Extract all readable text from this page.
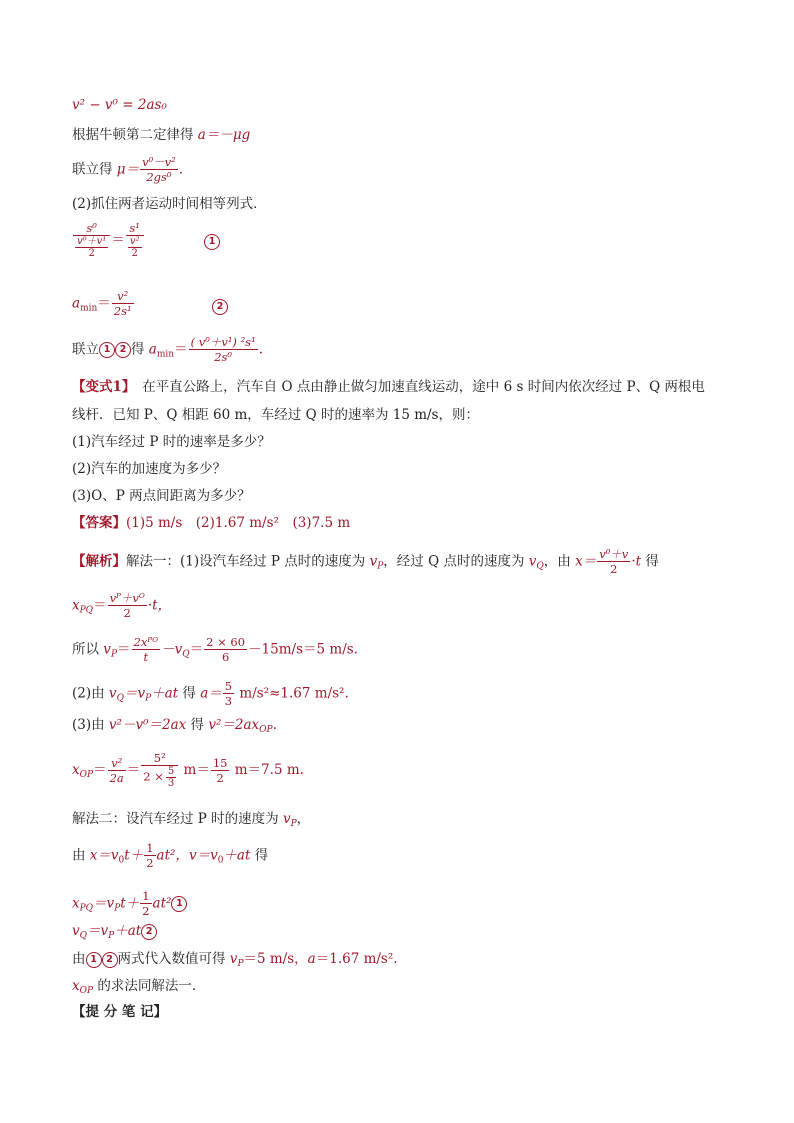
v² − v⁰ = 2as₀
根据牛顿第二定律得 a＝－μg
联立得 $\mu= \frac{\text{v⁰－v²}}{\text{2gs⁰}}$ .
(2)抓住两者运动时间相等列式．
$\frac{\text{s⁰}}{\frac{\text{v⁰＋v¹}}{2}} = \frac{\text{s¹}}{\frac{\text{v²}}{2}}$	1
$a_{min}= \frac{\text{v²}}{\text{2s¹}}$	2
联立 1 2 得 $a_{min}= \frac{\text{( v⁰＋v¹) ²s¹}}{\text{2s⁰}}$ .
【变式1】　在平直公路上，汽车自 O 点由静止做匀加速直线运动，途中 6 s 时间内依次经过 P、Q 两根电
线杆．已知 P、Q 相距 60 m，车经过 Q 时的速率为 15 m/s，则：
(1)汽车经过 P 时的速率是多少？
(2)汽车的加速度为多少？
(3)O、P 两点间距离为多少？
【答案】(1)5 m/s　(2)1.67 m/s²　(3)7.5 m
【解析】解法一：(1)设汽车经过 P 点时的速度为 $v_P$，经过 Q 点时的速度为 $v_Q$，由 $x= \frac{\text{v⁰＋v}}{2} \cdot t$ 得
$x_{PQ}= \frac{\text{vᴾ＋vᴼ}}{2} \cdot t$，
所以 $v_P= \frac{\text{2xᴾᴼ}}{t} -v_Q= \frac{2 \times 60}{6} -15m/s=5$ m/s.
(2)由 $v_Q=v_P+at$ 得 $a= \frac{5}{3} m/s^2\approx 1.67$ m/s².
(3)由 v²－v⁰＝2ax 得 $v^2=2ax_{OP}$.
$x_{OP}= \frac{\text{v²}}{2a} = \frac{\text{5²}}{2 \times \frac{5}{3}} m= \frac{15}{2} m=7.5$ m.
解法二：设汽车经过 P 时的速度为 $v_P$，
由 $x=v_0t+ \frac{1}{2} at^2$，$v=v_0+at$ 得
$x_{PQ}=v_Pt+ \frac{1}{2} at^2$ 1
$v_Q=v_P+at$ 2
由 1 2 两式代入数值可得 $v_P=5$ m/s，a＝1.67 m/s².
$x_{OP}$ 的求法同解法一．
【提 分 笔 记】
